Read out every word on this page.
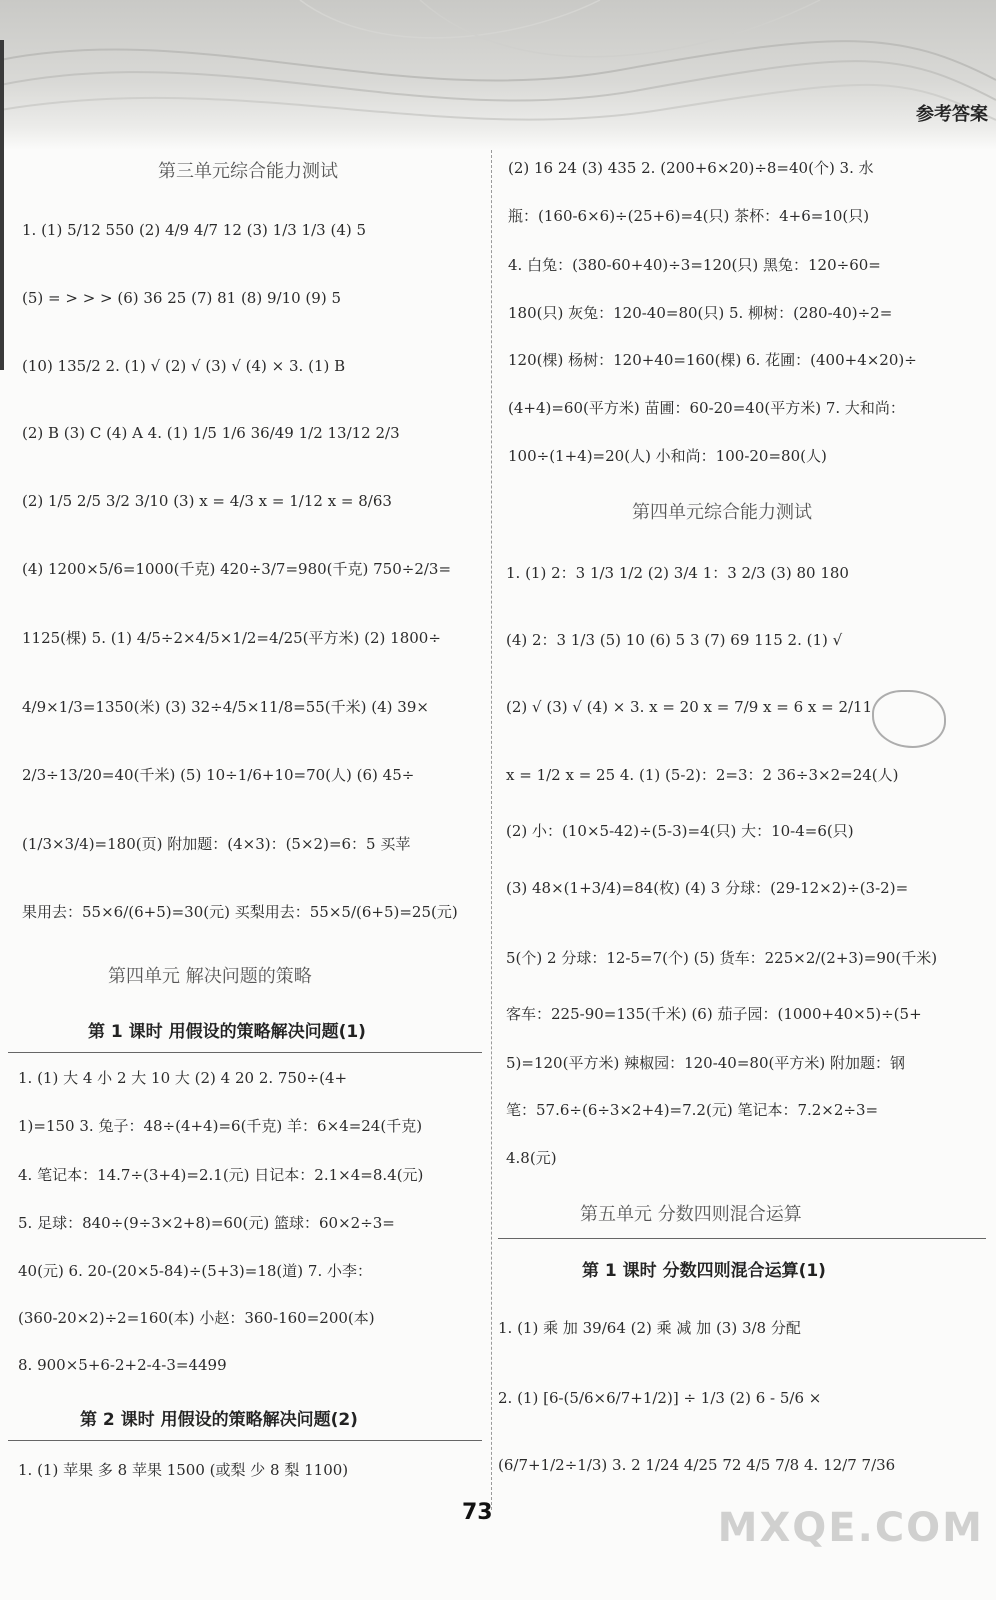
参考答案
第三单元综合能力测试
1. (1) 5/12 550 (2) 4/9 4/7 12 (3) 1/3 1/3 (4) 5
(5) = > > > (6) 36 25 (7) 81 (8) 9/10 (9) 5
(10) 135/2 2. (1) √ (2) √ (3) √ (4) × 3. (1) B
(2) B (3) C (4) A 4. (1) 1/5 1/6 36/49 1/2 13/12 2/3
(2) 1/5 2/5 3/2 3/10 (3) x = 4/3 x = 1/12 x = 8/63
(4) 1200×5/6=1000(千克) 420÷3/7=980(千克) 750÷2/3=
1125(棵) 5. (1) 4/5÷2×4/5×1/2=4/25(平方米) (2) 1800÷
4/9×1/3=1350(米) (3) 32÷4/5×11/8=55(千米) (4) 39×
2/3÷13/20=40(千米) (5) 10÷1/6+10=70(人) (6) 45÷
(1/3×3/4)=180(页) 附加题：(4×3)：(5×2)=6：5 买苹
果用去：55×6/(6+5)=30(元) 买梨用去：55×5/(6+5)=25(元)
第四单元 解决问题的策略
第 1 课时 用假设的策略解决问题(1)
1. (1) 大 4 小 2 大 10 大 (2) 4 20 2. 750÷(4+
1)=150 3. 兔子：48÷(4+4)=6(千克) 羊：6×4=24(千克)
4. 笔记本：14.7÷(3+4)=2.1(元) 日记本：2.1×4=8.4(元)
5. 足球：840÷(9÷3×2+8)=60(元) 篮球：60×2÷3=
40(元) 6. 20-(20×5-84)÷(5+3)=18(道) 7. 小李：
(360-20×2)÷2=160(本) 小赵：360-160=200(本)
8. 900×5+6-2+2-4-3=4499
第 2 课时 用假设的策略解决问题(2)
1. (1) 苹果 多 8 苹果 1500 (或梨 少 8 梨 1100)
(2) 16 24 (3) 435 2. (200+6×20)÷8=40(个) 3. 水
瓶：(160-6×6)÷(25+6)=4(只) 茶杯：4+6=10(只)
4. 白兔：(380-60+40)÷3=120(只) 黑兔：120÷60=
180(只) 灰兔：120-40=80(只) 5. 柳树：(280-40)÷2=
120(棵) 杨树：120+40=160(棵) 6. 花圃：(400+4×20)÷
(4+4)=60(平方米) 苗圃：60-20=40(平方米) 7. 大和尚：
100÷(1+4)=20(人) 小和尚：100-20=80(人)
第四单元综合能力测试
1. (1) 2：3 1/3 1/2 (2) 3/4 1：3 2/3 (3) 80 180
(4) 2：3 1/3 (5) 10 (6) 5 3 (7) 69 115 2. (1) √
(2) √ (3) √ (4) × 3. x = 20 x = 7/9 x = 6 x = 2/11
x = 1/2 x = 25 4. (1) (5-2)：2=3：2 36÷3×2=24(人)
(2) 小：(10×5-42)÷(5-3)=4(只) 大：10-4=6(只)
(3) 48×(1+3/4)=84(枚) (4) 3 分球：(29-12×2)÷(3-2)=
5(个) 2 分球：12-5=7(个) (5) 货车：225×2/(2+3)=90(千米)
客车：225-90=135(千米) (6) 茄子园：(1000+40×5)÷(5+
5)=120(平方米) 辣椒园：120-40=80(平方米) 附加题：钢
笔：57.6÷(6÷3×2+4)=7.2(元) 笔记本：7.2×2÷3=
4.8(元)
第五单元 分数四则混合运算
第 1 课时 分数四则混合运算(1)
1. (1) 乘 加 39/64 (2) 乘 减 加 (3) 3/8 分配
2. (1) [6-(5/6×6/7+1/2)] ÷ 1/3 (2) 6 - 5/6 ×
(6/7+1/2÷1/3) 3. 2 1/24 4/25 72 4/5 7/8 4. 12/7 7/36
73	MXQE.COM
